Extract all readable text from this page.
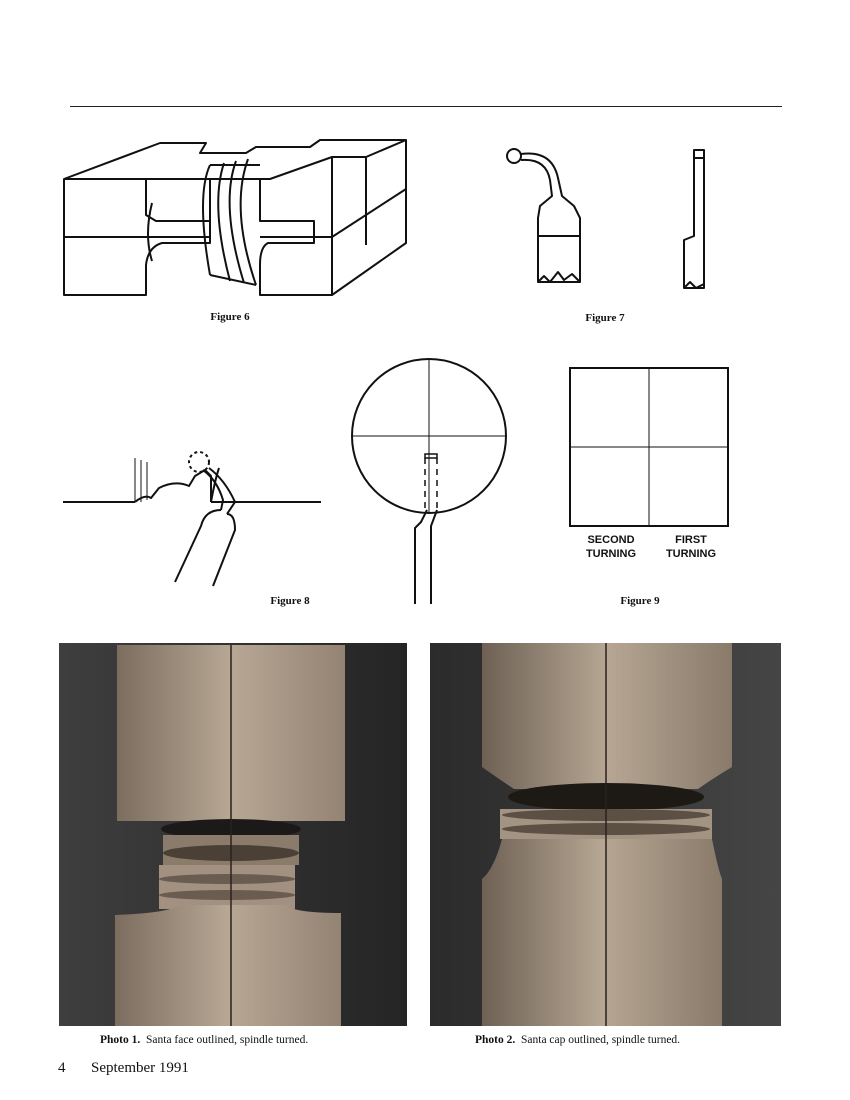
Figure 6	Figure 7
Figure 8
SECOND
TURNING
FIRST
TURNING
Figure 9
Photo 1. Santa face outlined, spindle turned.	Photo 2. Santa cap outlined, spindle turned.
4 September 1991
